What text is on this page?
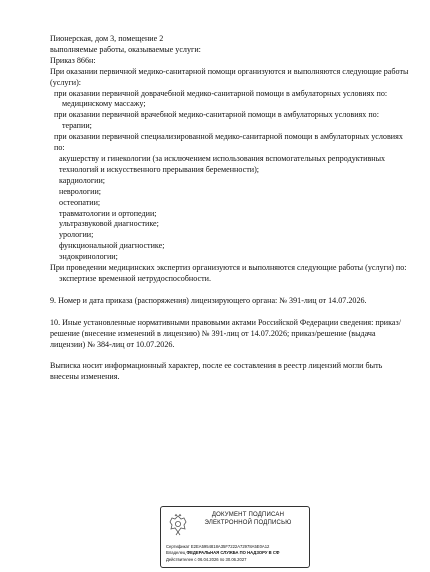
Пионерская, дом 3, помещение 2

выполняемые работы, оказываемые услуги:

Приказ 866н:

При оказании первичной медико-санитарной помощи организуются и выполняются следующие работы (услуги):

при оказании первичной доврачебной медико-санитарной помощи в амбулаторных условиях по:

медицинскому массажу;

при оказании первичной врачебной медико-санитарной помощи в амбулаторных условиях по:

терапии;

при оказании первичной специализированной медико-санитарной помощи в амбулаторных условиях по:

акушерству и гинекологии (за исключением использования вспомогательных репродуктивных технологий и искусственного прерывания беременности);

кардиологии;

неврологии;

остеопатии;

травматологии и ортопедии;

ультразвуковой диагностике;

урологии;

функциональной диагностике;

эндокринологии;

При проведении медицинских экспертиз организуются и выполняются следующие работы (услуги) по:

экспертизе временной нетрудоспособности.

9. Номер и дата приказа (распоряжения) лицензирующего органа: № 391-лиц от 14.07.2026.

10. Иные установленные нормативными правовыми актами Российской Федерации сведения: приказ/решение (внесение изменений в лицензию) № 391-лиц от 14.07.2026; приказ/решение (выдача лицензии) № 384-лиц от 10.07.2026.

Выписка носит информационный характер, после ее составления в реестр лицензий могли быть внесены изменения.

ДОКУМЕНТ ПОДПИСАН ЭЛЕКТРОННОЙ ПОДПИСЬЮ
Сертификат E2EA5954818A35F7222A72978A5E0A12
Владелец ФЕДЕРАЛЬНАЯ СЛУЖБА ПО НАДЗОРУ В СФ
Действителен с 06.04.2026 по 30.06.2027
